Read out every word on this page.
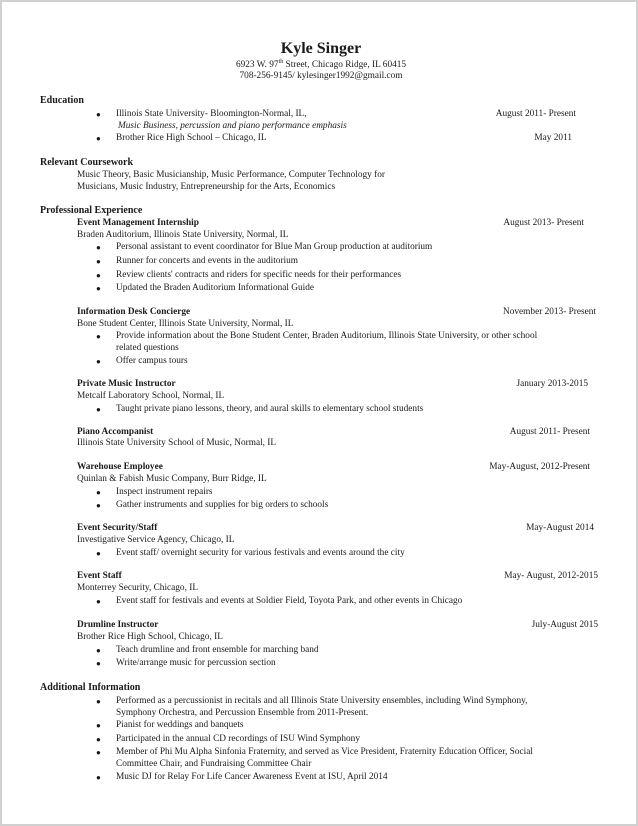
Kyle Singer
6923 W. 97th Street, Chicago Ridge, IL 60415
708-256-9145/ kylesinger1992@gmail.com
Education
● Illinois State University- Bloomington-Normal, IL,	August 2011- Present
Music Business, percussion and piano performance emphasis
● Brother Rice High School – Chicago, IL	May 2011
Relevant Coursework
Music Theory, Basic Musicianship, Music Performance, Computer Technology for
Musicians, Music Industry, Entrepreneurship for the Arts, Economics
Professional Experience
Event Management Internship	August 2013- Present
Braden Auditorium, Illinois State University, Normal, IL
● Personal assistant to event coordinator for Blue Man Group production at auditorium
● Runner for concerts and events in the auditorium
● Review clients' contracts and riders for specific needs for their performances
● Updated the Braden Auditorium Informational Guide
Information Desk Concierge	November 2013- Present
Bone Student Center, Illinois State University, Normal, IL
● Provide information about the Bone Student Center, Braden Auditorium, Illinois State University, or other school
related questions
● Offer campus tours
Private Music Instructor	January 2013-2015
Metcalf Laboratory School, Normal, IL
● Taught private piano lessons, theory, and aural skills to elementary school students
Piano Accompanist	August 2011- Present
Illinois State University School of Music, Normal, IL
Warehouse Employee	May-August, 2012-Present
Quinlan & Fabish Music Company, Burr Ridge, IL
● Inspect instrument repairs
● Gather instruments and supplies for big orders to schools
Event Security/Staff	May-August 2014
Investigative Service Agency, Chicago, IL
● Event staff/ overnight security for various festivals and events around the city
Event Staff	May- August, 2012-2015
Monterrey Security, Chicago, IL
● Event staff for festivals and events at Soldier Field, Toyota Park, and other events in Chicago
Drumline Instructor	July-August 2015
Brother Rice High School, Chicago, IL
● Teach drumline and front ensemble for marching band
● Write/arrange music for percussion section
Additional Information
● Performed as a percussionist in recitals and all Illinois State University ensembles, including Wind Symphony,
Symphony Orchestra, and Percussion Ensemble from 2011-Present.
● Pianist for weddings and banquets
● Participated in the annual CD recordings of ISU Wind Symphony
● Member of Phi Mu Alpha Sinfonia Fraternity, and served as Vice President, Fraternity Education Officer, Social
Committee Chair, and Fundraising Committee Chair
● Music DJ for Relay For Life Cancer Awareness Event at ISU, April 2014
